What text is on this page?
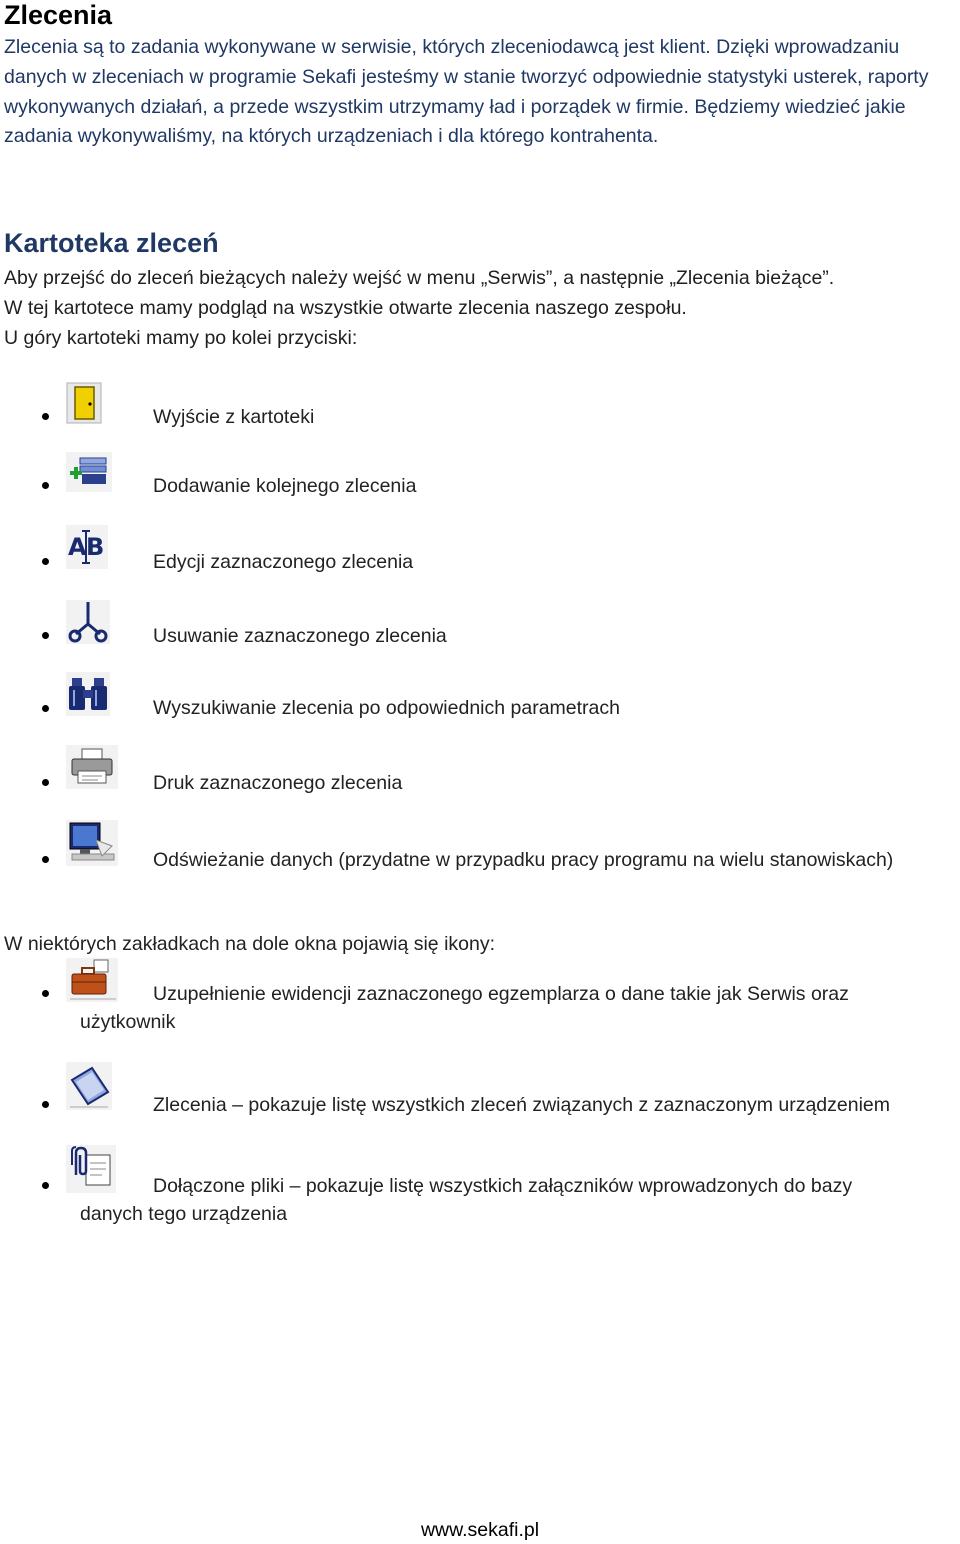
Zlecenia

Zlecenia są to zadania wykonywane w serwisie, których zleceniodawcą jest klient. Dzięki wprowadzaniu danych w zleceniach w programie Sekafi jesteśmy w stanie tworzyć odpowiednie statystyki usterek, raporty wykonywanych działań, a przede wszystkim utrzymamy ład i porządek w firmie. Będziemy wiedzieć jakie zadania wykonywaliśmy, na których urządzeniach i dla którego kontrahenta.

Kartoteka zleceń
Aby przejść do zleceń bieżących należy wejść w menu „Serwis”, a następnie „Zlecenia bieżące”.
W tej kartotece mamy podgląd na wszystkie otwarte zlecenia naszego zespołu.
U góry kartoteki mamy po kolei przyciski:
Wyjście z kartoteki
Dodawanie kolejnego zlecenia
A B
Edycji zaznaczonego zlecenia
Usuwanie zaznaczonego zlecenia
Wyszukiwanie zlecenia po odpowiednich parametrach
Druk zaznaczonego zlecenia
Odświeżanie danych (przydatne w przypadku pracy programu na wielu stanowiskach)
W niektórych zakładkach na dole okna pojawią się ikony:
Uzupełnienie ewidencji zaznaczonego egzemplarza o dane takie jak Serwis oraz
użytkownik
Zlecenia – pokazuje listę wszystkich zleceń związanych z zaznaczonym urządzeniem
Dołączone pliki – pokazuje listę wszystkich załączników wprowadzonych do bazy
danych tego urządzenia
www.sekafi.pl
